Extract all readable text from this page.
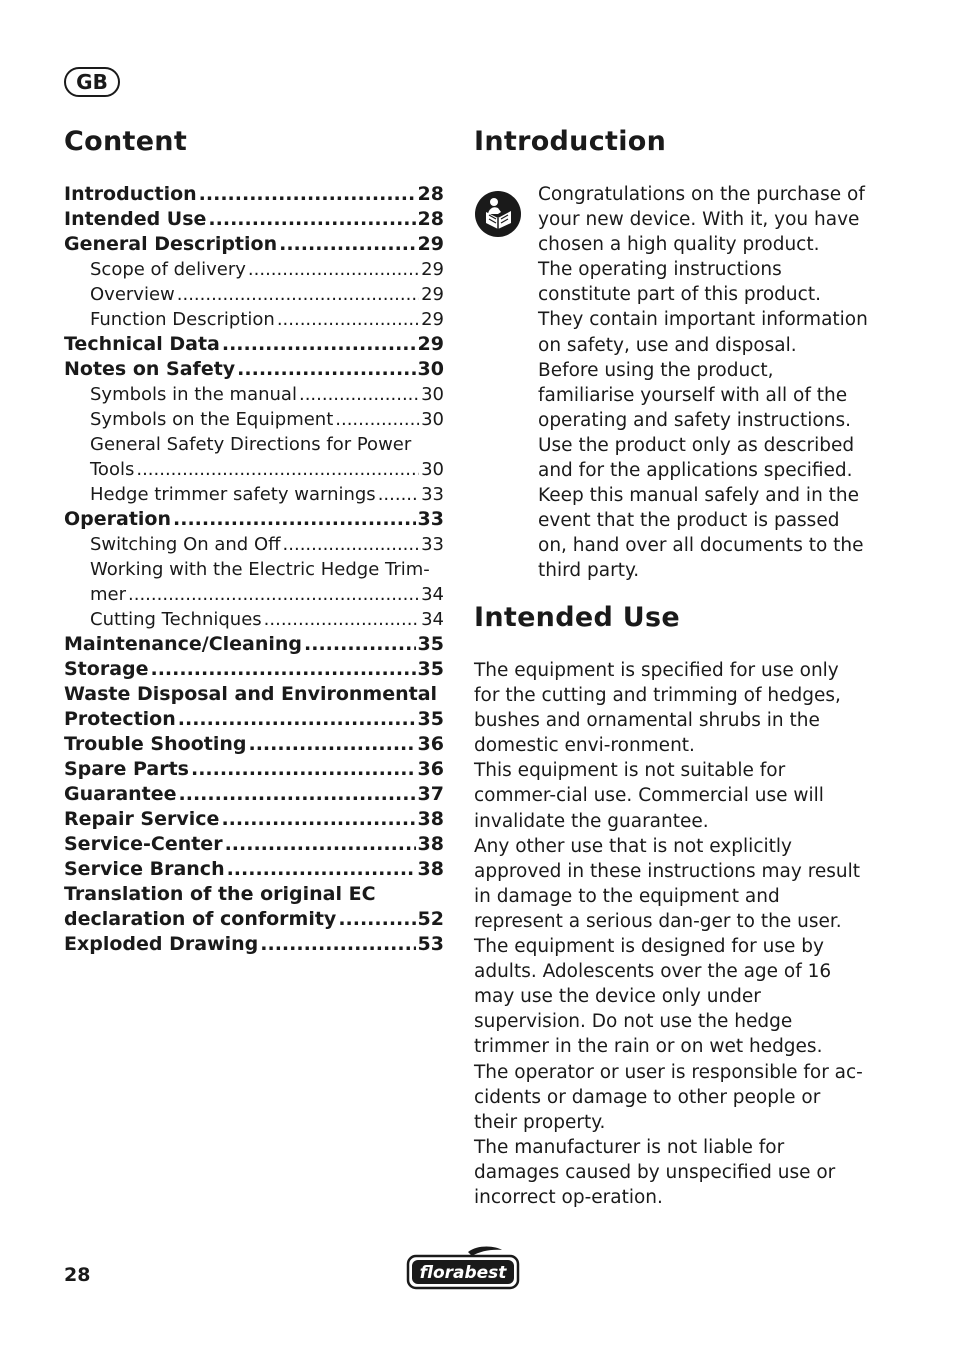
GB
Content
Introduction .....	28
Intended Use .....	28
General Description .....	29
Scope of delivery .....	29
Overview .....	29
Function Description .....	29
Technical Data .....	29
Notes on Safety .....	30
Symbols in the manual .....	30
Symbols on the Equipment .....	30
General Safety Directions for Power
Tools .....	30
Hedge trimmer safety warnings .....	33
Operation .....	33
Switching On and Off .....	33
Working with the Electric Hedge Trim-
mer .....	34
Cutting Techniques .....	34
Maintenance/Cleaning .....	35
Storage .....	35
Waste Disposal and Environmental
Protection .....	35
Trouble Shooting .....	36
Spare Parts .....	36
Guarantee .....	37
Repair Service .....	38
Service-Center .....	38
Service Branch .....	38
Translation of the original EC
declaration of conformity .....	52
Exploded Drawing .....	53
Introduction

Congratulations on the purchase of your new device. With it, you have chosen a high quality product.

The operating instructions constitute part of this product. They contain important information on safety, use and disposal.

Before using the product, familiarise yourself with all of the operating and safety instructions. Use the product only as described and for the applications specified.

Keep this manual safely and in the event that the product is passed on, hand over all documents to the third party.

Intended Use

The equipment is specified for use only for the cutting and trimming of hedges, bushes and ornamental shrubs in the domestic envi-ronment.

This equipment is not suitable for commer-cial use. Commercial use will invalidate the guarantee.

Any other use that is not explicitly approved in these instructions may result in damage to the equipment and represent a serious dan-ger to the user.

The equipment is designed for use by adults. Adolescents over the age of 16 may use the device only under supervision. Do not use the hedge trimmer in the rain or on wet hedges.

The operator or user is responsible for ac-cidents or damage to other people or their property.

The manufacturer is not liable for damages caused by unspecified use or incorrect op-eration.

28	florabest
